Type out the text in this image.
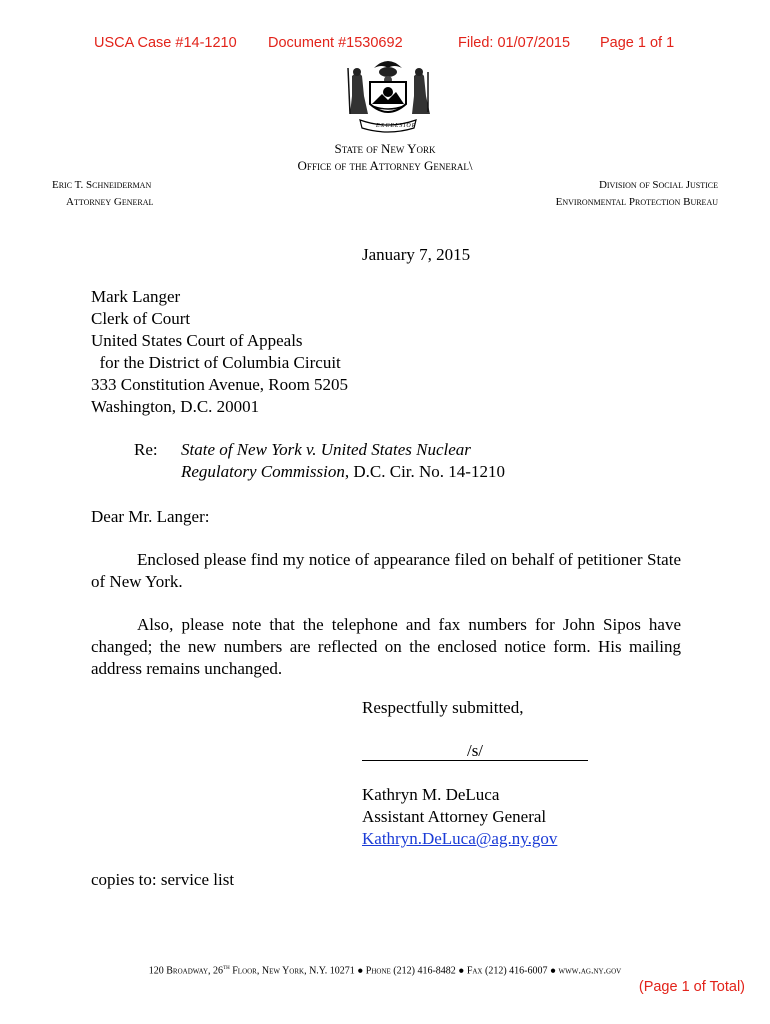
USCA Case #14-1210 Document #1530692	Filed: 01/07/2015 Page 1 of 1
EXCELSIOR
State of New York
Office of the Attorney General\
Eric T. Schneiderman
Attorney General
Division of Social Justice
Environmental Protection Bureau
January 7, 2015
Mark Langer
Clerk of Court
United States Court of Appeals
for the District of Columbia Circuit
333 Constitution Avenue, Room 5205
Washington, D.C. 20001
Re: State of New York v. United States Nuclear
Regulatory Commission, D.C. Cir. No. 14-1210
Dear Mr. Langer:
Enclosed please find my notice of appearance filed on behalf of petitioner State of New York.
Also, please note that the telephone and fax numbers for John Sipos have changed; the new numbers are reflected on the enclosed notice form. His mailing address remains unchanged.
Respectfully submitted,
/s/
Kathryn M. DeLuca
Assistant Attorney General
Kathryn.DeLuca@ag.ny.gov
copies to: service list
120 Broadway, 26th Floor, New York, N.Y. 10271 ● Phone (212) 416-8482 ● Fax (212) 416-6007 ● www.ag.ny.gov
(Page 1 of Total)
